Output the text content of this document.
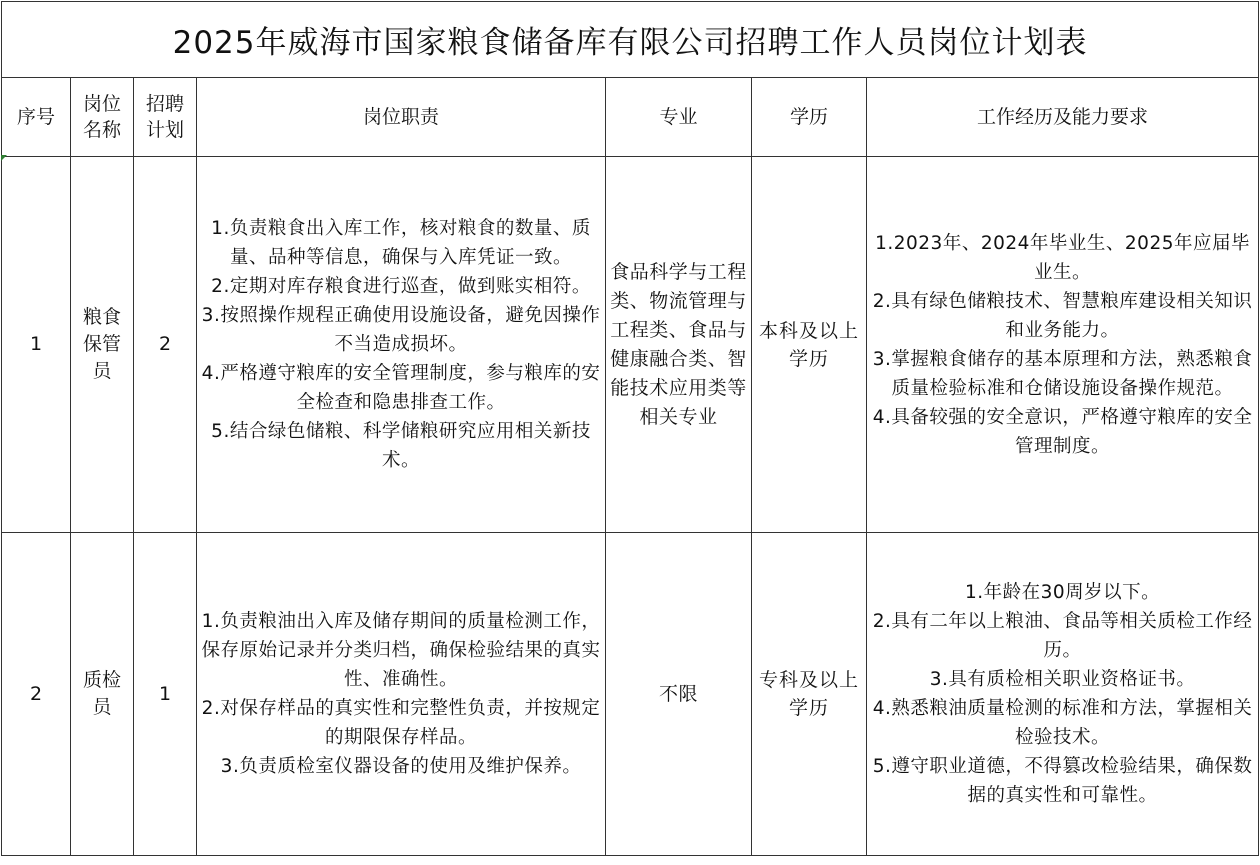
2025年威海市国家粮食储备库有限公司招聘工作人员岗位计划表						
序号	岗位名称	招聘计划	岗位职责	专业	学历	工作经历及能力要求
1	粮食保管员	2	1.负责粮食出入库工作，核对粮食的数量、质量、品种等信息，确保与入库凭证一致。
2.定期对库存粮食进行巡查，做到账实相符。
3.按照操作规程正确使用设施设备，避免因操作不当造成损坏。
4.严格遵守粮库的安全管理制度，参与粮库的安全检查和隐患排查工作。
5.结合绿色储粮、科学储粮研究应用相关新技术。	食品科学与工程类、物流管理与工程类、食品与健康融合类、智能技术应用类等相关专业	本科及以上学历	1.2023年、2024年毕业生、2025年应届毕业生。
2.具有绿色储粮技术、智慧粮库建设相关知识和业务能力。
3.掌握粮食储存的基本原理和方法，熟悉粮食质量检验标准和仓储设施设备操作规范。
4.具备较强的安全意识，严格遵守粮库的安全管理制度。

2	质检员	1	1.负责粮油出入库及储存期间的质量检测工作，保存原始记录并分类归档，确保检验结果的真实性、准确性。
2.对保存样品的真实性和完整性负责，并按规定的期限保存样品。
3.负责质检室仪器设备的使用及维护保养。	不限	专科及以上学历	1.年龄在30周岁以下。
2.具有二年以上粮油、食品等相关质检工作经历。
3.具有质检相关职业资格证书。
4.熟悉粮油质量检测的标准和方法，掌握相关检验技术。
5.遵守职业道德，不得篡改检验结果，确保数据的真实性和可靠性。
